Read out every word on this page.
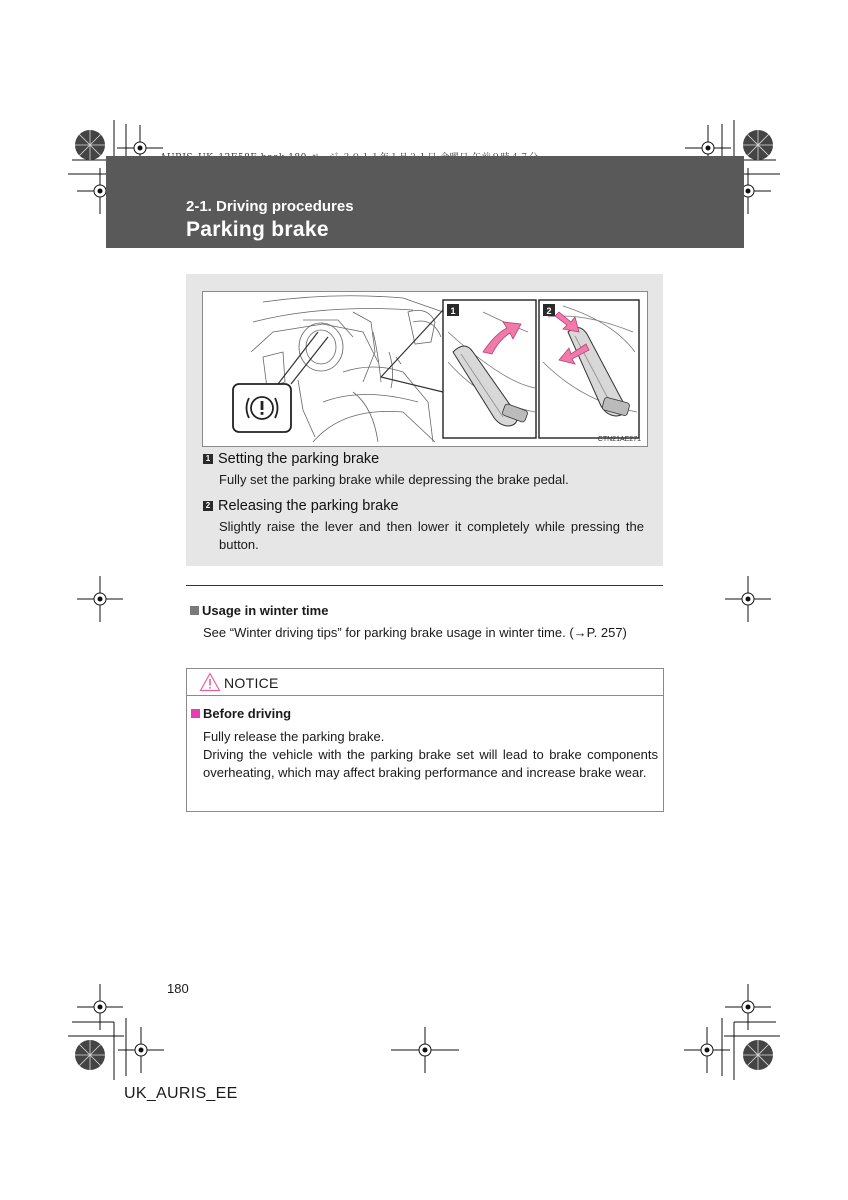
2-1. Driving procedures
Parking brake
1	2
CTN21AE271
1 Setting the parking brake
Fully set the parking brake while depressing the brake pedal.
2 Releasing the parking brake
Slightly raise the lever and then lower it completely while pressing the button.
Usage in winter time
See “Winter driving tips” for parking brake usage in winter time. (→P. 257)
NOTICE
Before driving
Fully release the parking brake.
Driving the vehicle with the parking brake set will lead to brake components overheating, which may affect braking performance and increase brake wear.
180
UK_AURIS_EE
